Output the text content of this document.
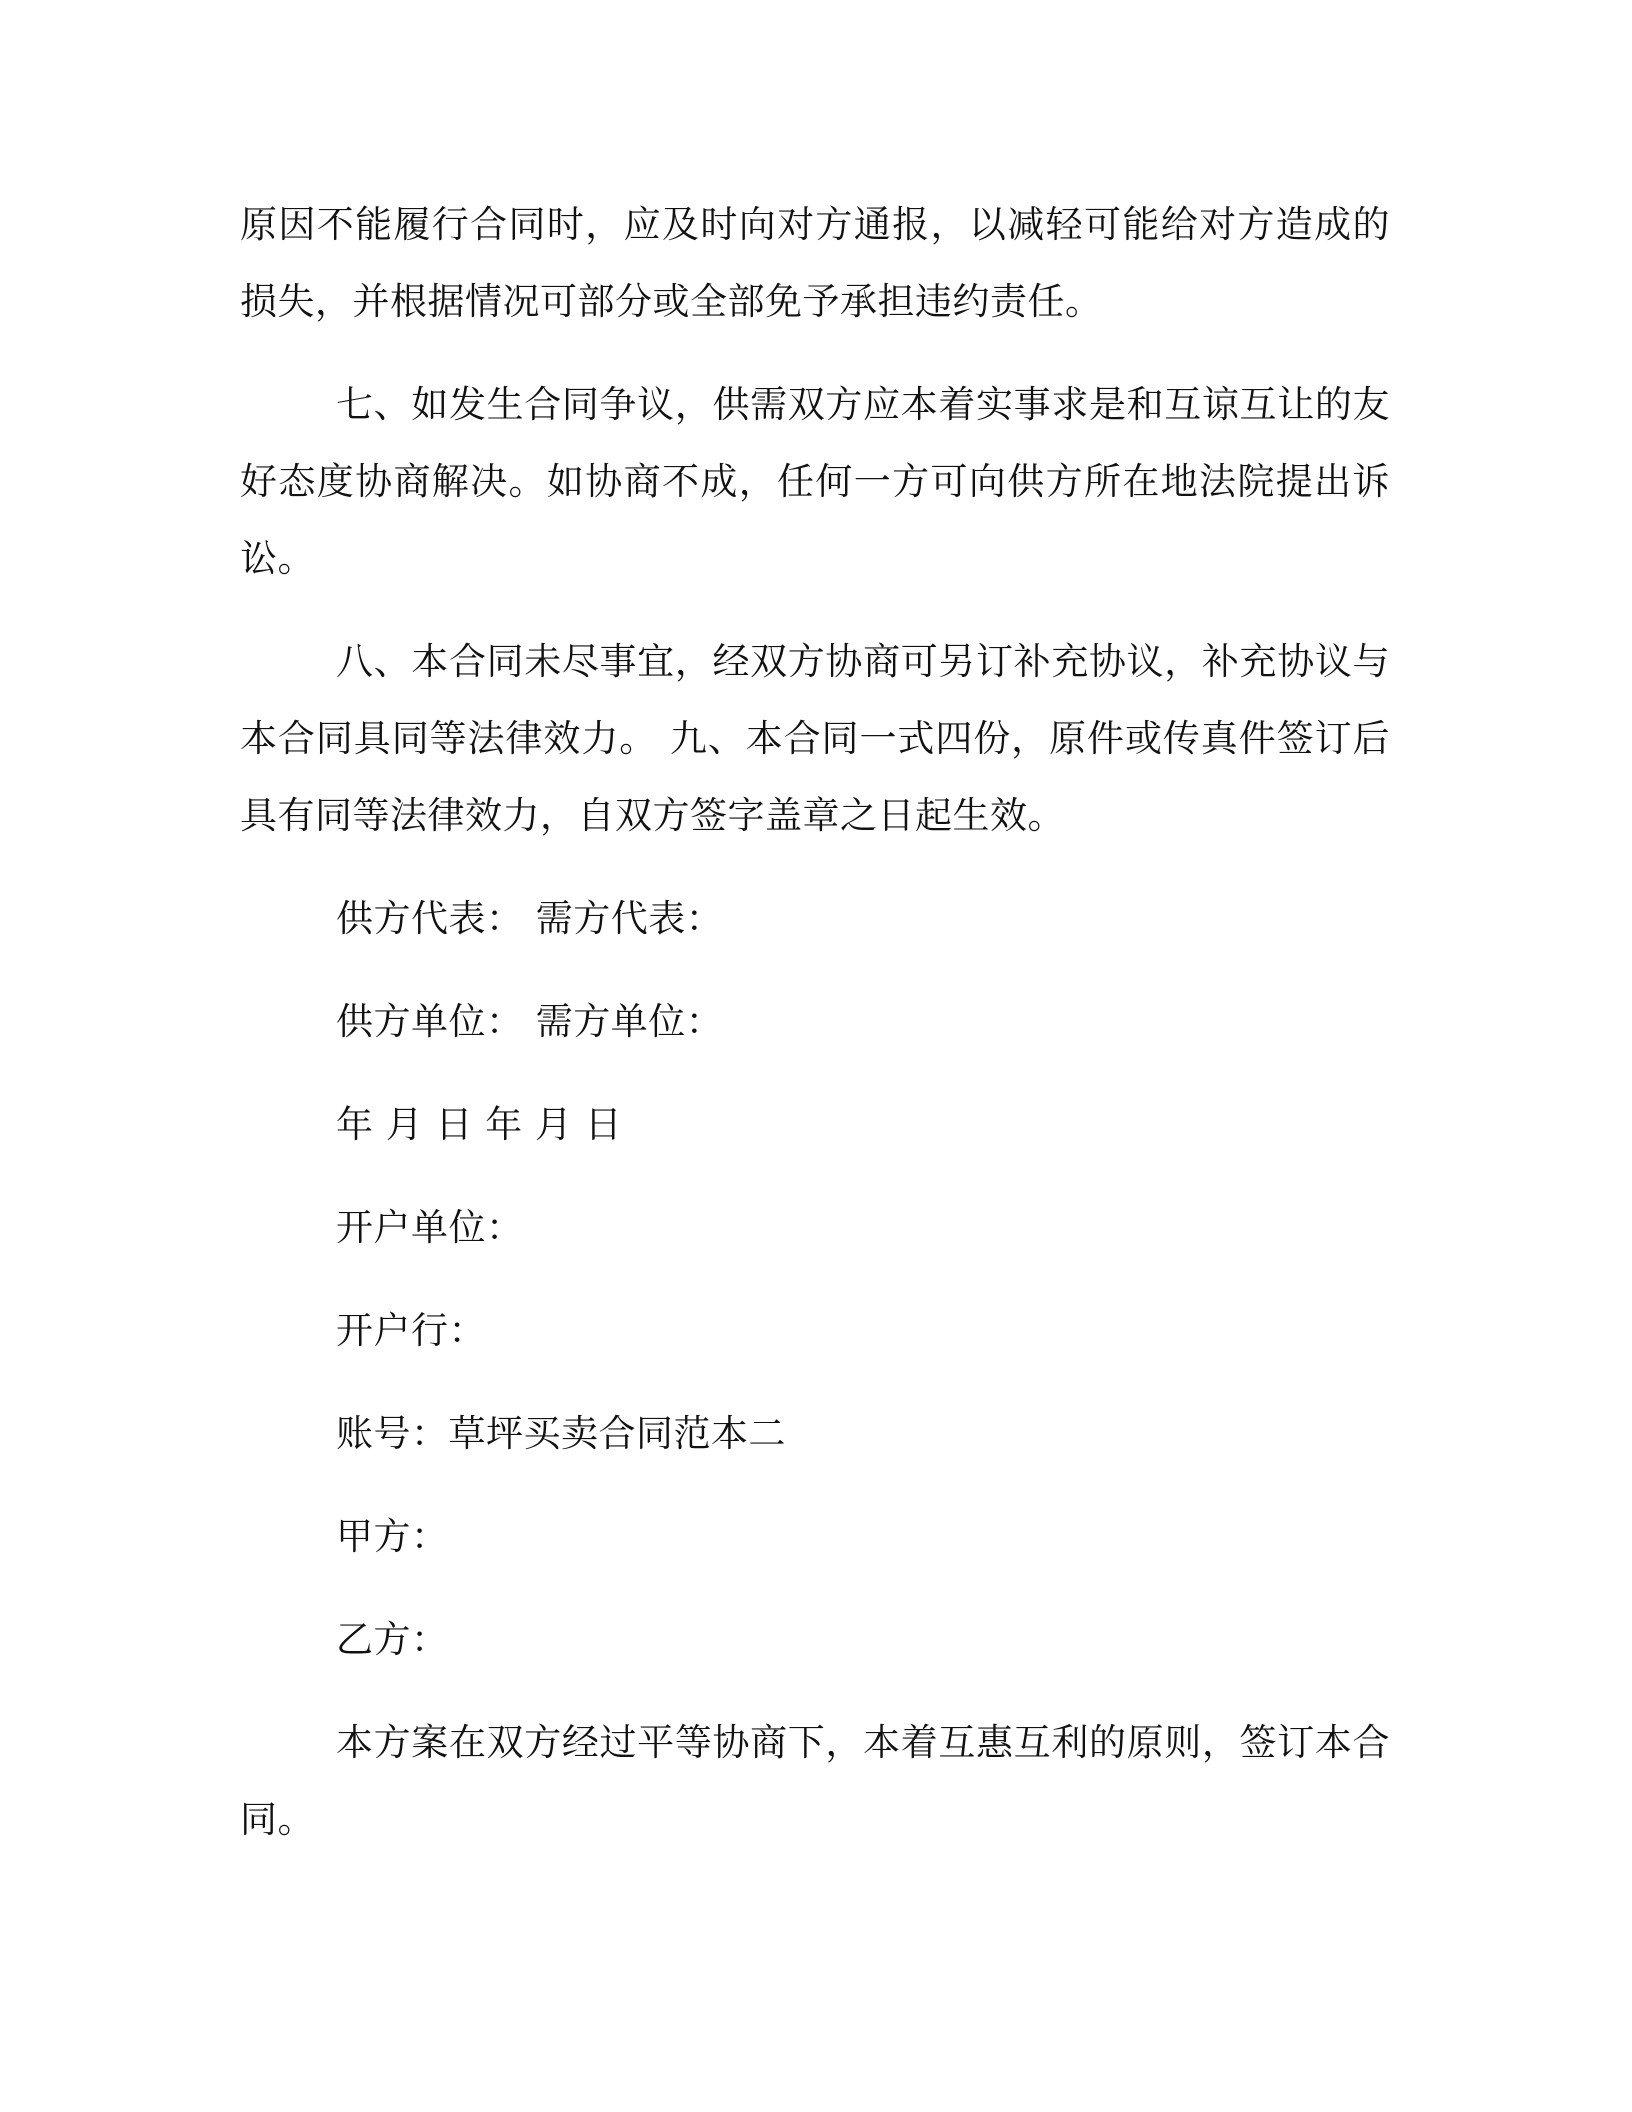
原因不能履行合同时，应及时向对方通报，以减轻可能给对方造成的损失，并根据情况可部分或全部免予承担违约责任。

七、如发生合同争议，供需双方应本着实事求是和互谅互让的友好态度协商解决。如协商不成，任何一方可向供方所在地法院提出诉讼。

八、本合同未尽事宜，经双方协商可另订补充协议，补充协议与本合同具同等法律效力。 九、本合同一式四份，原件或传真件签订后具有同等法律效力，自双方签字盖章之日起生效。

供方代表： 需方代表：

供方单位： 需方单位：

年 月 日 年 月 日

开户单位：

开户行：

账号：草坪买卖合同范本二

甲方：

乙方：

本方案在双方经过平等协商下，本着互惠互利的原则，签订本合同。
